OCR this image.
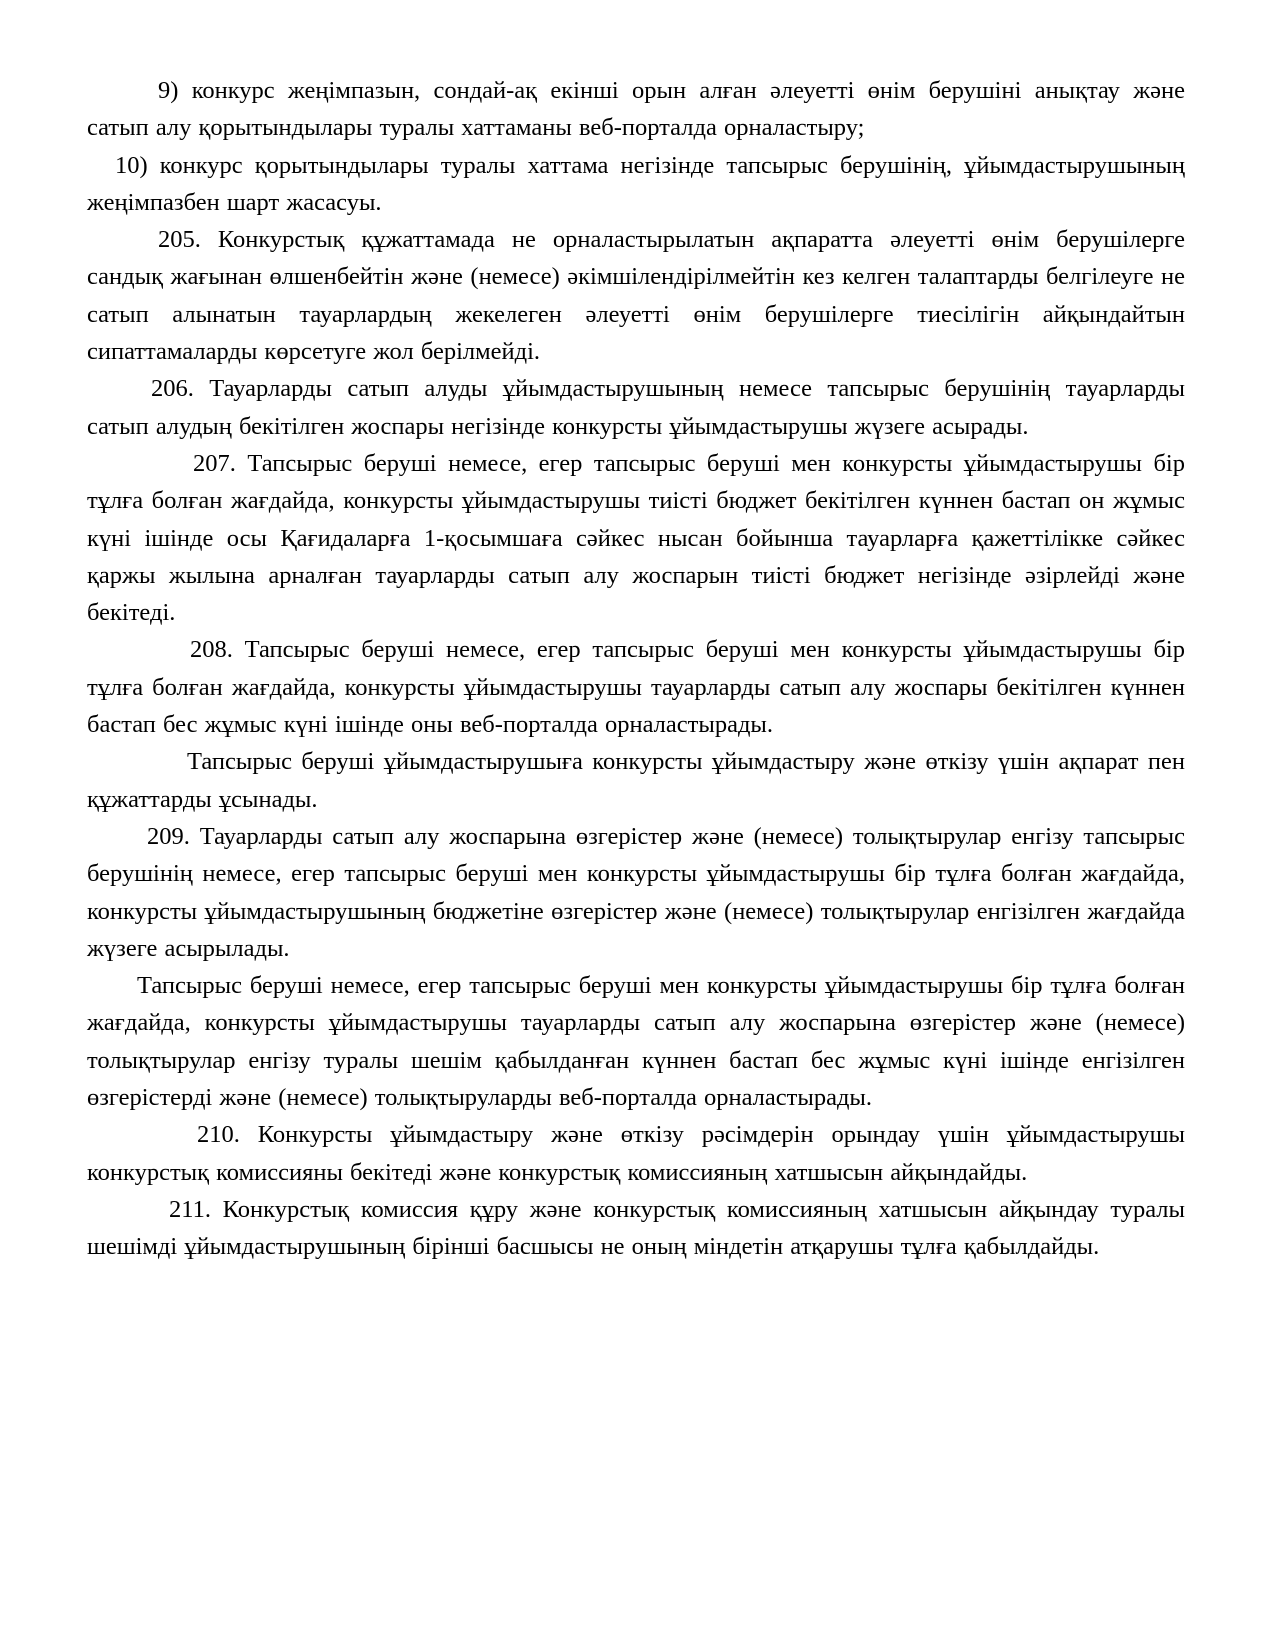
9) конкурс жеңімпазын, сондай-ақ екінші орын алған әлеуетті өнім берушіні анықтау және сатып алу қорытындылары туралы хаттаманы веб-порталда орналастыру;

10) конкурс қорытындылары туралы хаттама негізінде тапсырыс берушінің, ұйымдастырушының жеңімпазбен шарт жасасуы.

205. Конкурстық құжаттамада не орналастырылатын ақпаратта әлеуетті өнім берушілерге сандық жағынан өлшенбейтін және (немесе) әкімшілендірілмейтін кез келген талаптарды белгілеуге не сатып алынатын тауарлардың жекелеген әлеуетті өнім берушілерге тиесілігін айқындайтын сипаттамаларды көрсетуге жол берілмейді.

206. Тауарларды сатып алуды ұйымдастырушының немесе тапсырыс берушінің тауарларды сатып алудың бекітілген жоспары негізінде конкурсты ұйымдастырушы жүзеге асырады.

207. Тапсырыс беруші немесе, егер тапсырыс беруші мен конкурсты ұйымдастырушы бір тұлға болған жағдайда, конкурсты ұйымдастырушы тиісті бюджет бекітілген күннен бастап он жұмыс күні ішінде осы Қағидаларға 1-қосымшаға сәйкес нысан бойынша тауарларға қажеттілікке сәйкес қаржы жылына арналған тауарларды сатып алу жоспарын тиісті бюджет негізінде әзірлейді және бекітеді.

208. Тапсырыс беруші немесе, егер тапсырыс беруші мен конкурсты ұйымдастырушы бір тұлға болған жағдайда, конкурсты ұйымдастырушы тауарларды сатып алу жоспары бекітілген күннен бастап бес жұмыс күні ішінде оны веб-порталда орналастырады.

Тапсырыс беруші ұйымдастырушыға конкурсты ұйымдастыру және өткізу үшін ақпарат пен құжаттарды ұсынады.

209. Тауарларды сатып алу жоспарына өзгерістер және (немесе) толықтырулар енгізу тапсырыс берушінің немесе, егер тапсырыс беруші мен конкурсты ұйымдастырушы бір тұлға болған жағдайда, конкурсты ұйымдастырушының бюджетіне өзгерістер және (немесе) толықтырулар енгізілген жағдайда жүзеге асырылады.

Тапсырыс беруші немесе, егер тапсырыс беруші мен конкурсты ұйымдастырушы бір тұлға болған жағдайда, конкурсты ұйымдастырушы тауарларды сатып алу жоспарына өзгерістер және (немесе) толықтырулар енгізу туралы шешім қабылданған күннен бастап бес жұмыс күні ішінде енгізілген өзгерістерді және (немесе) толықтыруларды веб-порталда орналастырады.

210. Конкурсты ұйымдастыру және өткізу рәсімдерін орындау үшін ұйымдастырушы конкурстық комиссияны бекітеді және конкурстық комиссияның хатшысын айқындайды.

211. Конкурстық комиссия құру және конкурстық комиссияның хатшысын айқындау туралы шешімді ұйымдастырушының бірінші басшысы не оның міндетін атқарушы тұлға қабылдайды.
